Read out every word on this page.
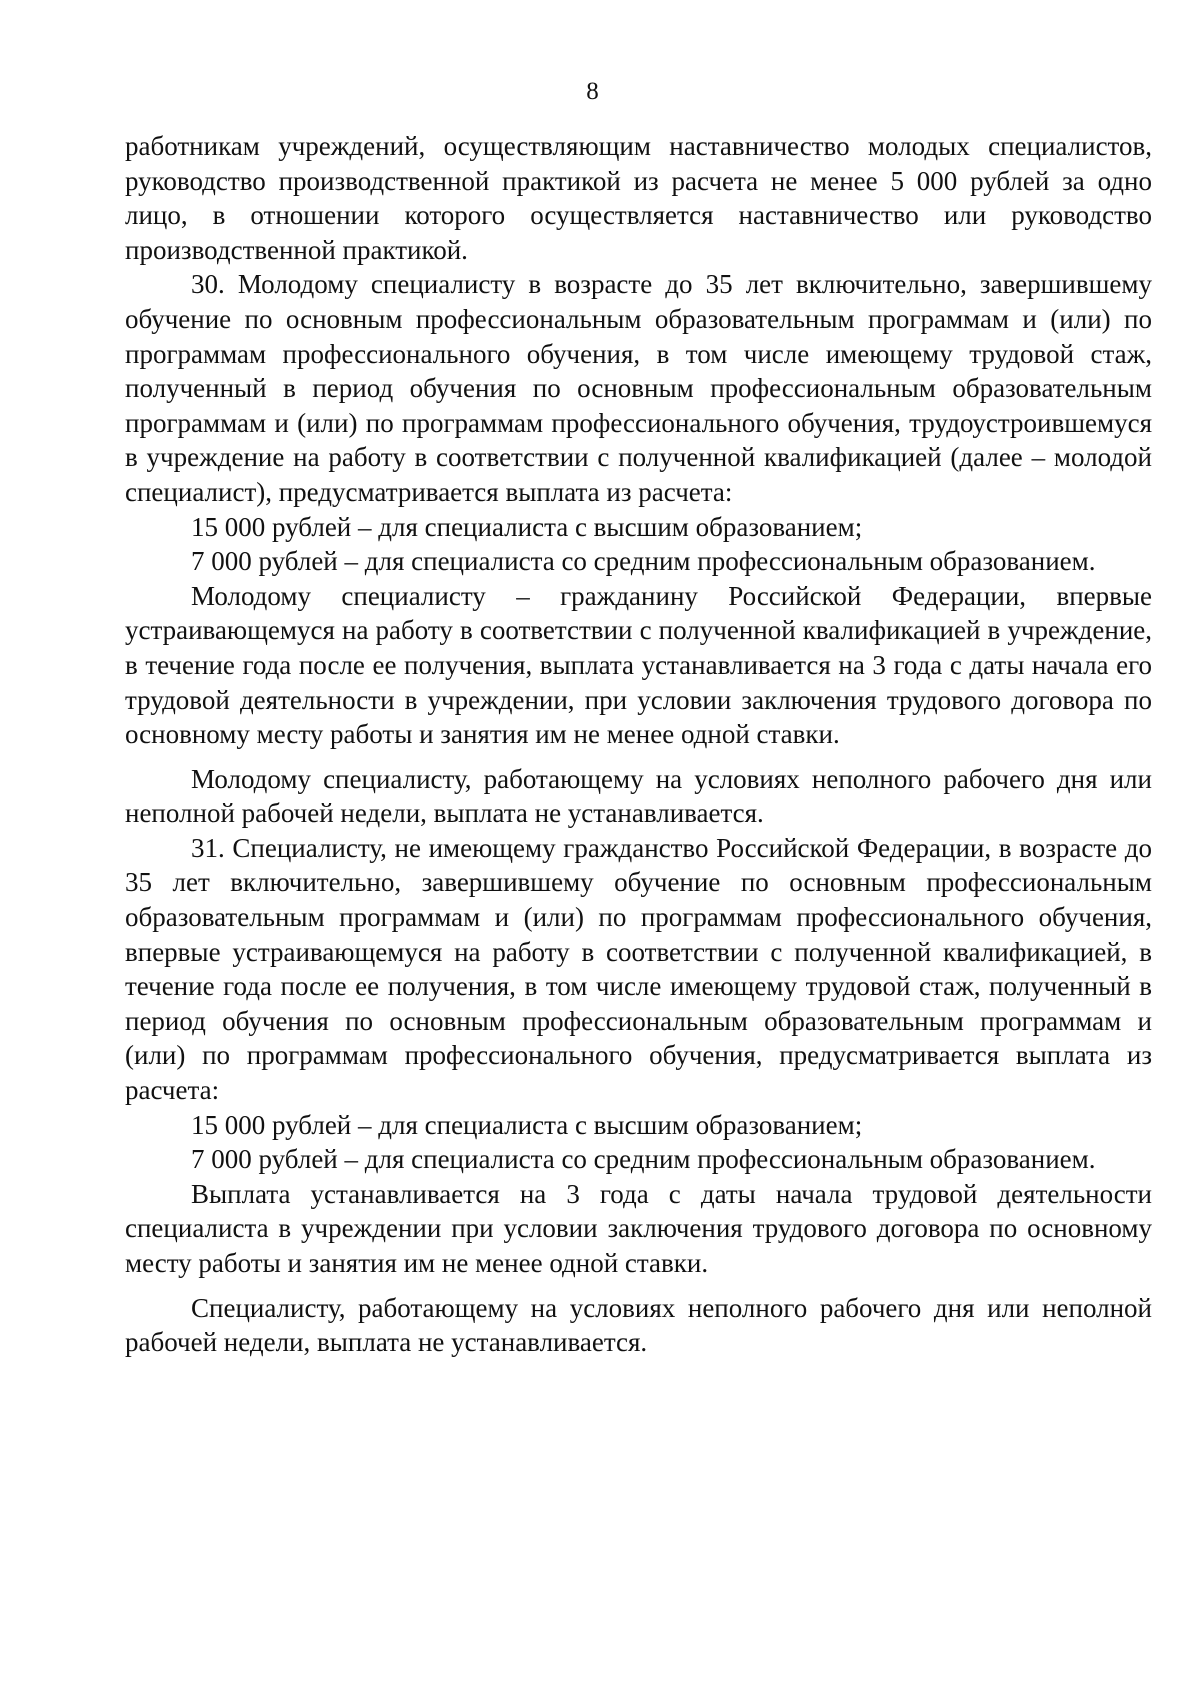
8

работникам учреждений, осуществляющим наставничество молодых специалистов, руководство производственной практикой из расчета не менее 5 000 рублей за одно лицо, в отношении которого осуществляется наставничество или руководство производственной практикой.

30. Молодому специалисту в возрасте до 35 лет включительно, завершившему обучение по основным профессиональным образовательным программам и (или) по программам профессионального обучения, в том числе имеющему трудовой стаж, полученный в период обучения по основным профессиональным образовательным программам и (или) по программам профессионального обучения, трудоустроившемуся в учреждение на работу в соответствии с полученной квалификацией (далее – молодой специалист), предусматривается выплата из расчета:

15 000 рублей – для специалиста с высшим образованием;

7 000 рублей – для специалиста со средним профессиональным образованием.

Молодому специалисту – гражданину Российской Федерации, впервые устраивающемуся на работу в соответствии с полученной квалификацией в учреждение, в течение года после ее получения, выплата устанавливается на 3 года с даты начала его трудовой деятельности в учреждении, при условии заключения трудового договора по основному месту работы и занятия им не менее одной ставки.

Молодому специалисту, работающему на условиях неполного рабочего дня или неполной рабочей недели, выплата не устанавливается.

31. Специалисту, не имеющему гражданство Российской Федерации, в возрасте до 35 лет включительно, завершившему обучение по основным профессиональным образовательным программам и (или) по программам профессионального обучения, впервые устраивающемуся на работу в соответствии с полученной квалификацией, в течение года после ее получения, в том числе имеющему трудовой стаж, полученный в период обучения по основным профессиональным образовательным программам и (или) по программам профессионального обучения, предусматривается выплата из расчета:

15 000 рублей – для специалиста с высшим образованием;

7 000 рублей – для специалиста со средним профессиональным образованием.

Выплата устанавливается на 3 года с даты начала трудовой деятельности специалиста в учреждении при условии заключения трудового договора по основному месту работы и занятия им не менее одной ставки.

Специалисту, работающему на условиях неполного рабочего дня или неполной рабочей недели, выплата не устанавливается.
